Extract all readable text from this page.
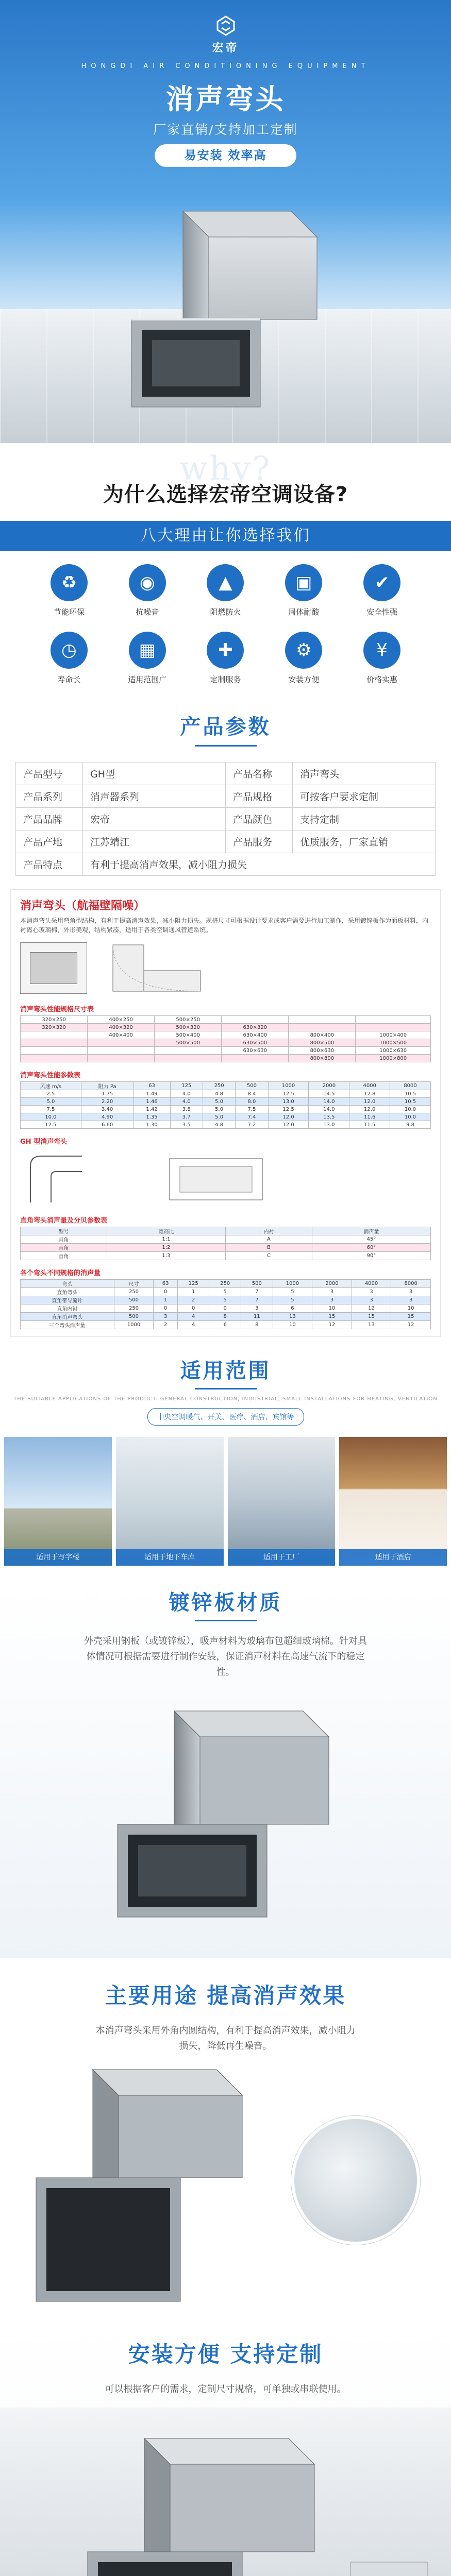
宏帝
HONGDI AIR CONDITIONING EQUIPMENT
消声弯头
厂家直销/支持加工定制
易安装 效率高
why?
为什么选择宏帝空调设备?
八大理由让你选择我们
♻
节能环保
◉
抗噪音
▲
阻燃防火
▣
周体耐酸
✔
安全性强
◷
寿命长
▦
适用范围广
✚
定制服务
⚙
安装方便
¥
价格实惠
产品参数
产品型号	GH型	产品名称	消声弯头
产品系列	消声器系列	产品规格	可按客户要求定制
产品品牌	宏帝	产品颜色	支持定制
产品产地	江苏靖江	产品服务	优质服务，厂家直销
产品特点	有利于提高消声效果，减小阻力损失		
消声弯头（航福壁隔噪）
本消声弯头采用弯角型结构，有利于提高消声效果，减小阻力损失。规格尺寸可根据设计要求或客户需要进行加工制作，采用镀锌板作为面板材料，内衬离心玻璃棉，外形美观，结构紧凑，适用于各类空调通风管道系统。
消声弯头性能规格尺寸表
320×250	400×250	500×250			
320×320	400×320	500×320	630×320		
	400×400	500×400	630×400	800×400	1000×400
		500×500	630×500	800×500	1000×500
			630×630	800×630	1000×630
				800×800	1000×800
消声弯头性能参数表
风速 m/s	阻力 Pa	63	125	250	500	1000	2000	4000	8000
2.5	1.75	1.49	4.0	4.8	8.4	12.5	14.5	12.8	10.5
5.0	2.20	1.46	4.0	5.0	8.0	13.0	14.0	12.0	10.5
7.5	3.40	1.42	3.8	5.0	7.5	12.5	14.0	12.0	10.0
10.0	4.90	1.35	3.7	5.0	7.4	12.0	13.5	11.6	10.0
12.5	6.60	1.30	3.5	4.8	7.2	12.0	13.0	11.5	9.8
GH 型消声弯头
直角弯头消声量及分贝参数表
型号	宽高比	内衬	消声量
直角	1:1	A	45°
直角	1:2	B	60°
直角	1:3	C	90°
各个弯头不同规格的消声量
弯头	尺寸	63	125	250	500	1000	2000	4000	8000
直角弯头	250	0	1	5	7	5	3	3	3
直角带导流片	500	1	2	5	7	5	3	3	3
直角内衬	250	0	0	0	3	6	10	12	10
直角消声弯头	500	3	4	8	11	13	15	15	15
三个弯头消声量	1000	2	4	6	8	10	12	13	12
适用范围
THE SUITABLE APPLICATIONS OF THE PRODUCT: GENERAL CONSTRUCTION, INDUSTRIAL, SMALL INSTALLATIONS FOR HEATING, VENTILATION
中央空调暖气、开关、医疗、酒店、宾馆等
适用于写字楼	适用于地下车库	适用于工厂	适用于酒店
镀锌板材质

外壳采用钢板（或镀锌板），吸声材料为玻璃布包超细玻璃棉。针对具体情况可根据需要进行制作安装，保证消声材料在高速气流下的稳定性。

主要用途 提高消声效果

本消声弯头采用外角内圆结构，有利于提高消声效果，减小阻力损失，降低再生噪音。

安装方便 支持定制

可以根据客户的需求，定制尺寸规格，可单独或串联使用。
